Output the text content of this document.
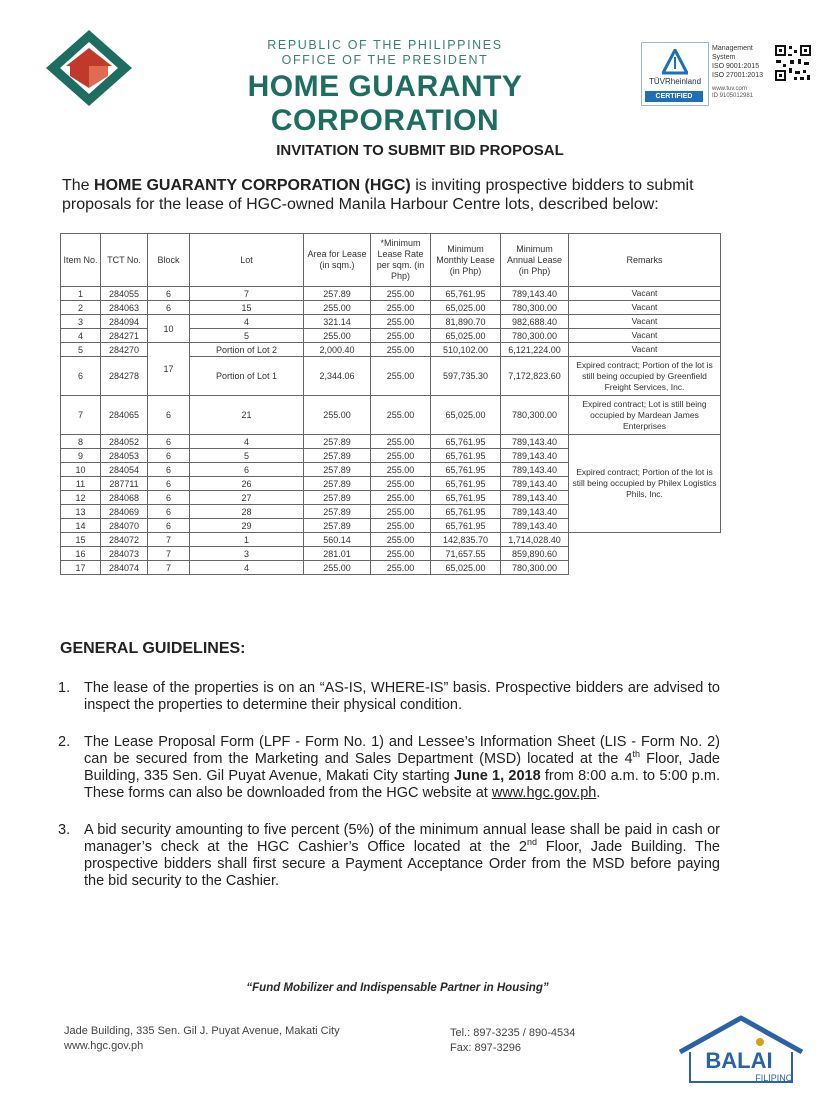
REPUBLIC OF THE PHILIPPINES
OFFICE OF THE PRESIDENT
HOME GUARANTY CORPORATION
TÜVRheinland
CERTIFIED
Management
System
ISO 9001:2015
ISO 27001:2013
www.tuv.com
ID 9105012981
INVITATION TO SUBMIT BID PROPOSAL
The HOME GUARANTY CORPORATION (HGC) is inviting prospective bidders to submit proposals for the lease of HGC-owned Manila Harbour Centre lots, described below:
Item No.	TCT No.	Block	Lot	Area for Lease (in sqm.)	*Minimum Lease Rate per sqm. (in Php)	Minimum Monthly Lease (in Php)	Minimum Annual Lease (in Php)	Remarks
1	284055	6	7	257.89	255.00	65,761.95	789,143.40	Vacant
2	284063	6	15	255.00	255.00	65,025.00	780,300.00	Vacant
3	284094	10	4	321.14	255.00	81,890.70	982,688.40	Vacant
4	284271		5	255.00	255.00	65,025.00	780,300.00	Vacant
5	284270	17	Portion of Lot 2	2,000.40	255.00	510,102.00	6,121,224.00	Vacant
6	284278		Portion of Lot 1	2,344.06	255.00	597,735.30	7,172,823.60	Expired contract; Portion of the lot is still being occupied by Greenfield Freight Services, Inc.
7	284065	6	21	255.00	255.00	65,025.00	780,300.00	Expired contract; Lot is still being occupied by Mardean James Enterprises
8	284052	6	4	257.89	255.00	65,761.95	789,143.40	Expired contract; Portion of the lot is still being occupied by Philex Logistics Phils, Inc.
9	284053	6	5	257.89	255.00	65,761.95	789,143.40	
10	284054	6	6	257.89	255.00	65,761.95	789,143.40	
11	287711	6	26	257.89	255.00	65,761.95	789,143.40	
12	284068	6	27	257.89	255.00	65,761.95	789,143.40	
13	284069	6	28	257.89	255.00	65,761.95	789,143.40	
14	284070	6	29	257.89	255.00	65,761.95	789,143.40	
15	284072	7	1	560.14	255.00	142,835.70	1,714,028.40	
16	284073	7	3	281.01	255.00	71,657.55	859,890.60	
17	284074	7	4	255.00	255.00	65,025.00	780,300.00	
GENERAL GUIDELINES:
1. The lease of the properties is on an “AS-IS, WHERE-IS” basis. Prospective bidders are advised to inspect the properties to determine their physical condition.
2. The Lease Proposal Form (LPF - Form No. 1) and Lessee’s Information Sheet (LIS - Form No. 2) can be secured from the Marketing and Sales Department (MSD) located at the 4th Floor, Jade Building, 335 Sen. Gil Puyat Avenue, Makati City starting June 1, 2018 from 8:00 a.m. to 5:00 p.m. These forms can also be downloaded from the HGC website at www.hgc.gov.ph.
3. A bid security amounting to five percent (5%) of the minimum annual lease shall be paid in cash or manager’s check at the HGC Cashier’s Office located at the 2nd Floor, Jade Building. The prospective bidders shall first secure a Payment Acceptance Order from the MSD before paying the bid security to the Cashier.
“Fund Mobilizer and Indispensable Partner in Housing”
Jade Building, 335 Sen. Gil J. Puyat Avenue, Makati City
www.hgc.gov.ph
Tel.: 897-3235 / 890-4534
Fax: 897-3296	BALAI
FILIPINO
